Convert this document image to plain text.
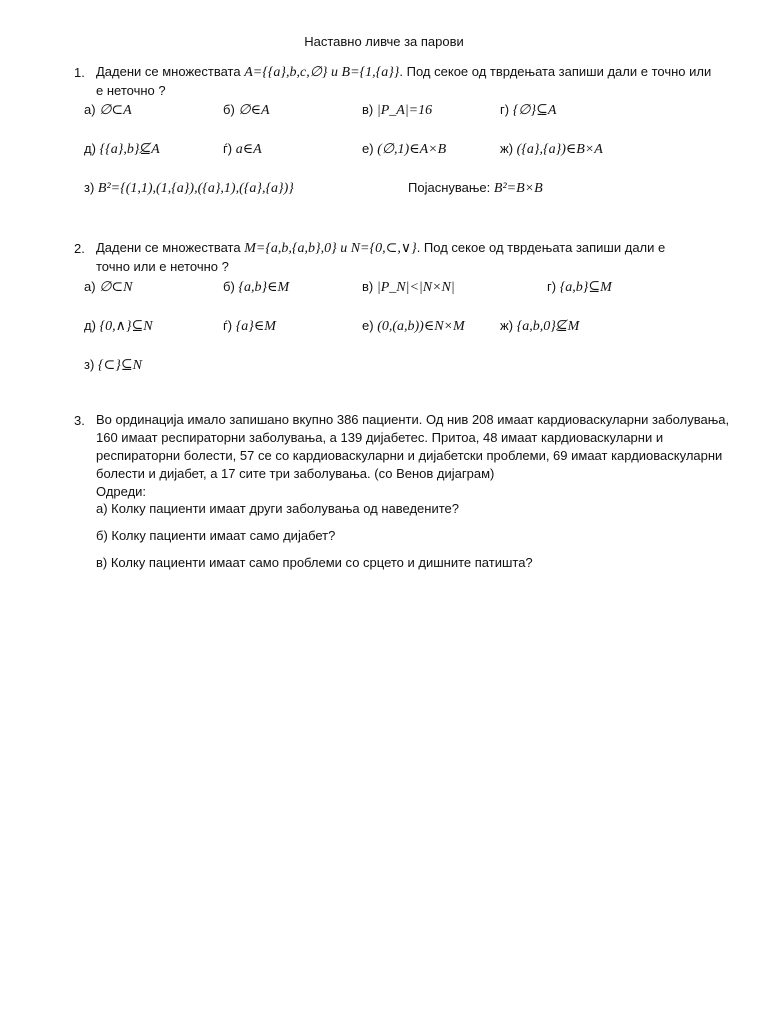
Наставно ливче за парови
1. Дадени се множествата A={{a},b,c,∅} и B={1,{a}}. Под секое од тврдењата запиши дали е точно или
е неточно ?
а) ∅⊂A	б) ∅∈A	в) |P_A|=16	г) {∅}⊆A
д) {{a},b}⊈A	ѓ) a∈A	е) (∅,1)∈A×B	ж) ({a},{a})∈B×A
з) B²={(1,1),(1,{a}),({a},1),({a},{a})}	Појаснување: B²=B×B
2. Дадени се множествата M={a,b,{a,b},0} и N={0,⊂,∨}. Под секое од тврдењата запиши дали е
точно или е неточно ?
а) ∅⊂N	б) {a,b}∈M	в) |P_N|<|N×N|	г) {a,b}⊆M
д) {0,∧}⊆N	ѓ) {a}∈M	е) (0,(a,b))∈N×M	ж) {a,b,0}⊈M
з) {⊂}⊆N
3. Во ординација имало запишано вкупно 386 пациенти. Од нив 208 имаат кардиоваскуларни заболувања,
160 имаат респираторни заболувања, а 139 дијабетес. Притоа, 48 имаат кардиоваскуларни и
респираторни болести, 57 се со кардиоваскуларни и дијабетски проблеми, 69 имаат кардиоваскуларни
болести и дијабет, а 17 сите три заболувања. (со Венов дијаграм)
Одреди:
а) Колку пациенти имаат други заболувања од наведените?
б) Колку пациенти имаат само дијабет?
в) Колку пациенти имаат само проблеми со срцето и дишните патишта?
